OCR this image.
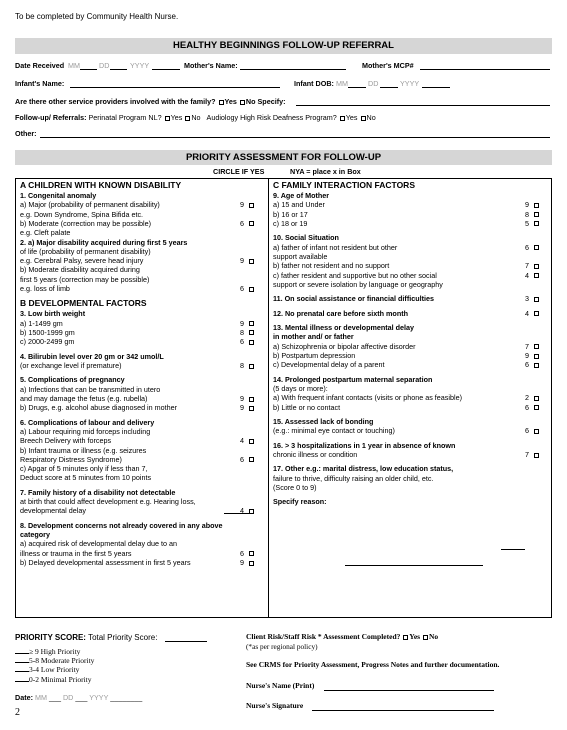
To be completed by Community Health Nurse.
HEALTHY BEGINNINGS FOLLOW-UP REFERRAL
Date Received MM	DD	YYYY	Mother's Name:	Mother's MCP#
Infant's Name:	Infant DOB: MM	DD	YYYY
Are there other service providers involved with the family? Yes No Specify:
Follow-up/ Referrals: Perinatal Program NL? Yes No Audiology High Risk Deafness Program? Yes No
Other:
PRIORITY ASSESSMENT FOR FOLLOW-UP
CIRCLE IF YES	NYA = place x in Box
A CHILDREN WITH KNOWN DISABILITY
1. Congenital anomaly
a) Major (probability of permanent disability)	9
e.g. Down Syndrome, Spina Bifida etc.
b) Moderate (correction may be possible)	6
e.g. Cleft palate
2. a) Major disability acquired during first 5 years
of life (probability of permanent disability)
e.g. Cerebral Palsy, severe head injury	9
b) Moderate disability acquired during
first 5 years (correction may be possible)
e.g. loss of limb	6
B DEVELOPMENTAL FACTORS
3. Low birth weight
a) 1-1499 gm	9
b) 1500-1999 gm	8
c) 2000-2499 gm	6
4. Bilirubin level over 20 gm or 342 umol/L
(or exchange level if premature)	8
5. Complications of pregnancy
a) Infections that can be transmitted in utero
and may damage the fetus (e.g. rubella)	9
b) Drugs, e.g. alcohol abuse diagnosed in mother	9
6. Complications of labour and delivery
a) Labour requiring mid forceps including
Breech Delivery with forceps	4
b) Infant trauma or illness (e.g. seizures
Respiratory Distress Syndrome)	6
c) Apgar of 5 minutes only if less than 7,
Deduct score at 5 minutes from 10 points
7. Family history of a disability not detectable
at birth that could affect development e.g. Hearing loss,
developmental delay	4
8. Development concerns not already covered in any above
category
a) acquired risk of developmental delay due to an
illness or trauma in the first 5 years	6
b) Delayed developmental assessment in first 5 years	9
C FAMILY INTERACTION FACTORS
9. Age of Mother
a) 15 and Under	9
b) 16 or 17	8
c) 18 or 19	5
10. Social Situation
a) father of infant not resident but other	6
support available
b) father not resident and no support	7
c) father resident and supportive but no other social	4
support or severe isolation by language or geography
11. On social assistance or financial difficulties	3
12. No prenatal care before sixth month	4
13. Mental illness or developmental delay
in mother and/ or father
a) Schizophrenia or bipolar affective disorder	7
b) Postpartum depression	9
c) Developmental delay of a parent	6
14. Prolonged postpartum maternal separation
(5 days or more):
a) With frequent infant contacts (visits or phone as feasible)	2
b) Little or no contact	6
15. Assessed lack of bonding
(e.g.: minimal eye contact or touching)	6
16. > 3 hospitalizations in 1 year in absence of known
chronic illness or condition	7
17. Other e.g.: marital distress, low education status,
failure to thrive, difficulty raising an older child, etc.
(Score 0 to 9)
Specify reason:
PRIORITY SCORE: Total Priority Score:
≥ 9 High Priority
5-8 Moderate Priority
3-4 Low Priority
0-2 Minimal Priority
Date: MM ___ DD ___ YYYY ________
2
Client Risk/Staff Risk * Assessment Completed? Yes No
(*as per regional policy)
See CRMS for Priority Assessment, Progress Notes and further documentation.
Nurse's Name (Print)
Nurse's Signature
